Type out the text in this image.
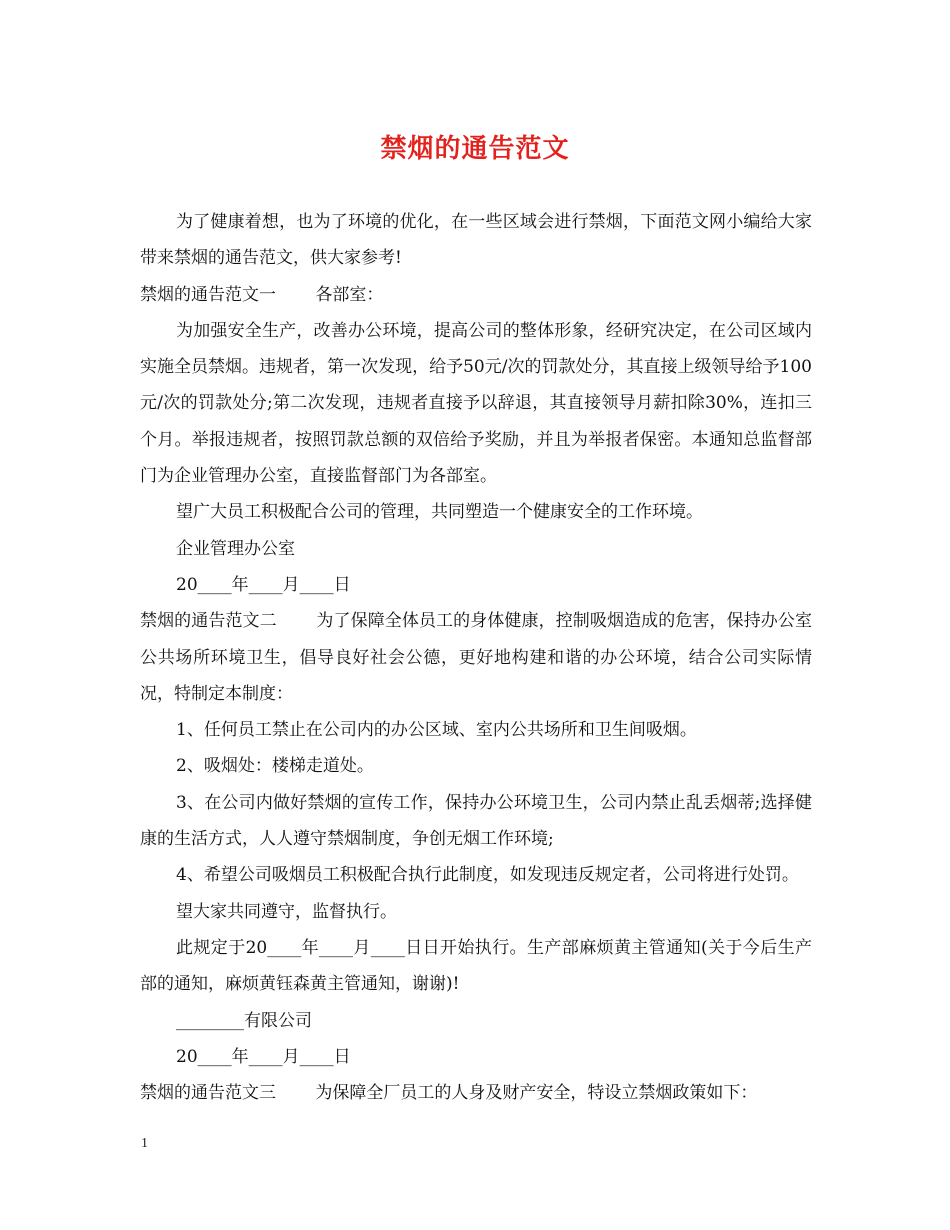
禁烟的通告范文

为了健康着想，也为了环境的优化，在一些区域会进行禁烟，下面范文网小编给大家带来禁烟的通告范文，供大家参考!

禁烟的通告范文一　　 各部室：

为加强安全生产，改善办公环境，提高公司的整体形象，经研究决定，在公司区域内实施全员禁烟。违规者，第一次发现，给予50元/次的罚款处分，其直接上级领导给予100元/次的罚款处分;第二次发现，违规者直接予以辞退，其直接领导月薪扣除30%，连扣三个月。举报违规者，按照罚款总额的双倍给予奖励，并且为举报者保密。本通知总监督部门为企业管理办公室，直接监督部门为各部室。

望广大员工积极配合公司的管理，共同塑造一个健康安全的工作环境。

企业管理办公室

20____年____月____日

禁烟的通告范文二　　 为了保障全体员工的身体健康，控制吸烟造成的危害，保持办公室公共场所环境卫生，倡导良好社会公德，更好地构建和谐的办公环境，结合公司实际情况，特制定本制度：

1、任何员工禁止在公司内的办公区域、室内公共场所和卫生间吸烟。

2、吸烟处：楼梯走道处。

3、在公司内做好禁烟的宣传工作，保持办公环境卫生，公司内禁止乱丢烟蒂;选择健康的生活方式，人人遵守禁烟制度，争创无烟工作环境;

4、希望公司吸烟员工积极配合执行此制度，如发现违反规定者，公司将进行处罚。

望大家共同遵守，监督执行。

此规定于20____年____月____日日开始执行。生产部麻烦黄主管通知(关于今后生产部的通知，麻烦黄钰森黄主管通知，谢谢)!

________有限公司

20____年____月____日

禁烟的通告范文三　　 为保障全厂员工的人身及财产安全，特设立禁烟政策如下：

1
